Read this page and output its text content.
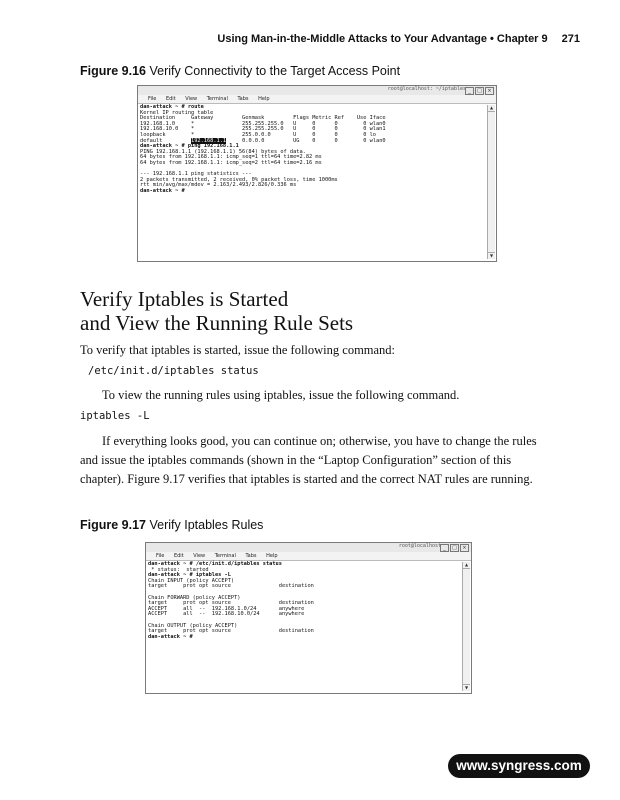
Using Man-in-the-Middle Attacks to Your Advantage • Chapter 9 271
Figure 9.16 Verify Connectivity to the Target Access Point
root@localhost: ~/iptables _ □ ×
File Edit View Terminal Tabs Help
dan-attack ~ # route
Kernel IP routing table
Destination     Gateway         Genmask         Flags Metric Ref    Use Iface
192.168.1.0     *               255.255.255.0   U     0      0        0 wlan0
192.168.10.0    *               255.255.255.0   U     0      0        0 wlan1
loopback        *               255.0.0.0       U     0      0        0 lo
default         192.168.1.1     0.0.0.0         UG    0      0        0 wlan0
dan-attack ~ # ping 192.168.1.1
PING 192.168.1.1 (192.168.1.1) 56(84) bytes of data.
64 bytes from 192.168.1.1: icmp_seq=1 ttl=64 time=2.82 ms
64 bytes from 192.168.1.1: icmp_seq=2 ttl=64 time=2.16 ms
--- 192.168.1.1 ping statistics ---
2 packets transmitted, 2 received, 0% packet loss, time 1000ms
rtt min/avg/max/mdev = 2.163/2.493/2.826/0.336 ms
dan-attack ~ #
▲
▼
Verify Iptables is Started
and View the Running Rule Sets
To verify that iptables is started, issue the following command:
/etc/init.d/iptables status
To view the running rules using iptables, issue the following command.
iptables -L
If everything looks good, you can continue on; otherwise, you have to change the rules and issue the iptables commands (shown in the “Laptop Configuration” section of this chapter). Figure 9.17 verifies that iptables is started and the correct NAT rules are running.
Figure 9.17 Verify Iptables Rules
root@localhost _ □ ×
File Edit View Terminal Tabs Help
dan-attack ~ # /etc/init.d/iptables status
* status:  started
dan-attack ~ # iptables -L
Chain INPUT (policy ACCEPT)
target     prot opt source               destination
Chain FORWARD (policy ACCEPT)
target     prot opt source               destination
ACCEPT     all  --  192.168.1.0/24       anywhere
ACCEPT     all  --  192.168.10.0/24      anywhere
Chain OUTPUT (policy ACCEPT)
target     prot opt source               destination
dan-attack ~ #
▲
▼
www.syngress.com
